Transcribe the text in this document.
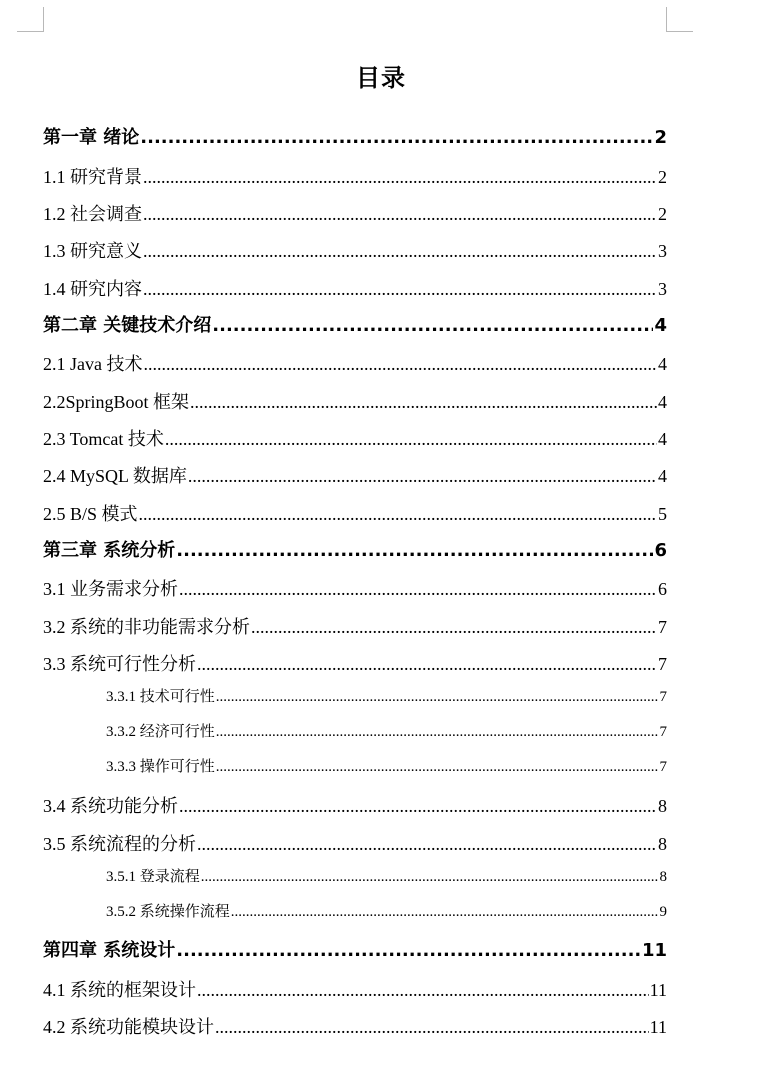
目录
第一章 绪论 .....	2
1.1 研究背景 .....	2
1.2 社会调查 .....	2
1.3 研究意义 .....	3
1.4 研究内容 .....	3
第二章 关键技术介绍 .....	4
2.1 Java 技术 .....	4
2.2SpringBoot 框架 .....	4
2.3 Tomcat 技术 .....	4
2.4 MySQL 数据库 .....	4
2.5 B/S 模式 .....	5
第三章 系统分析 .....	6
3.1 业务需求分析 .....	6
3.2 系统的非功能需求分析 .....	7
3.3 系统可行性分析 .....	7
3.3.1 技术可行性 .....	7
3.3.2 经济可行性 .....	7
3.3.3 操作可行性 .....	7
3.4 系统功能分析 .....	8
3.5 系统流程的分析 .....	8
3.5.1 登录流程 .....	8
3.5.2 系统操作流程 .....	9
第四章 系统设计 .....	11
4.1 系统的框架设计 .....	11
4.2 系统功能模块设计 .....	11
